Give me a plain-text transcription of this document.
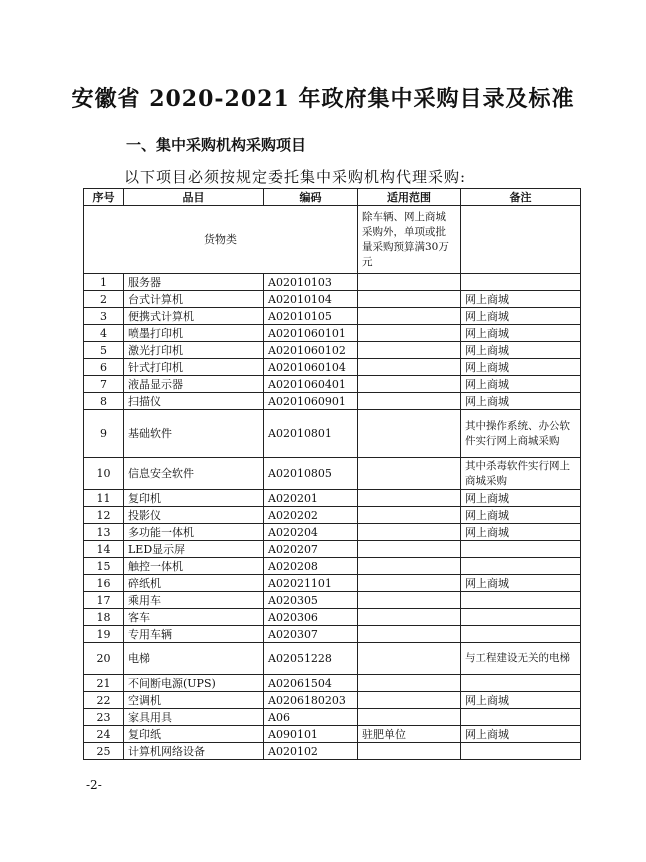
安徽省 2020-2021 年政府集中采购目录及标准
一、集中采购机构采购项目
以下项目必须按规定委托集中采购机构代理采购:
序号	品目	编码	适用范围	备注
货物类			除车辆、网上商城采购外，单项或批量采购预算满30万元	
1	服务器	A02010103		
2	台式计算机	A02010104		网上商城
3	便携式计算机	A02010105		网上商城
4	喷墨打印机	A0201060101		网上商城
5	激光打印机	A0201060102		网上商城
6	针式打印机	A0201060104		网上商城
7	液晶显示器	A0201060401		网上商城
8	扫描仪	A0201060901		网上商城
9	基础软件	A02010801		其中操作系统、办公软件实行网上商城采购
10	信息安全软件	A02010805		其中杀毒软件实行网上商城采购
11	复印机	A020201		网上商城
12	投影仪	A020202		网上商城
13	多功能一体机	A020204		网上商城
14	LED显示屏	A020207		
15	触控一体机	A020208		
16	碎纸机	A02021101		网上商城
17	乘用车	A020305		
18	客车	A020306		
19	专用车辆	A020307		
20	电梯	A02051228		与工程建设无关的电梯
21	不间断电源(UPS)	A02061504		
22	空调机	A0206180203		网上商城
23	家具用具	A06		
24	复印纸	A090101	驻肥单位	网上商城
25	计算机网络设备	A020102		
-2-
